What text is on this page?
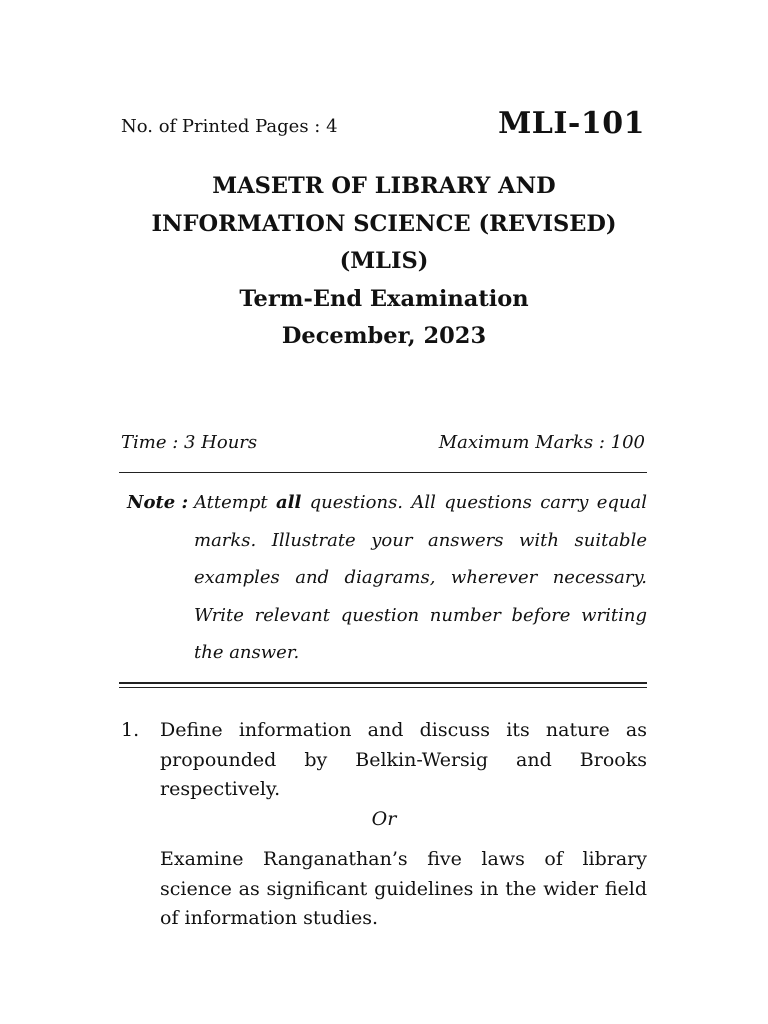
No. of Printed Pages : 4	MLI-101
MASETR OF LIBRARY AND
INFORMATION SCIENCE (REVISED)
(MLIS)
Term-End Examination
December, 2023
Time : 3 Hours	Maximum Marks : 100
Note : Attempt all questions. All questions carry equal marks. Illustrate your answers with suitable examples and diagrams, wherever necessary. Write relevant question number before writing the answer.
1. Define information and discuss its nature as propounded by Belkin-Wersig and Brooks respectively.
Or
Examine Ranganathan’s five laws of library science as significant guidelines in the wider field of information studies.
